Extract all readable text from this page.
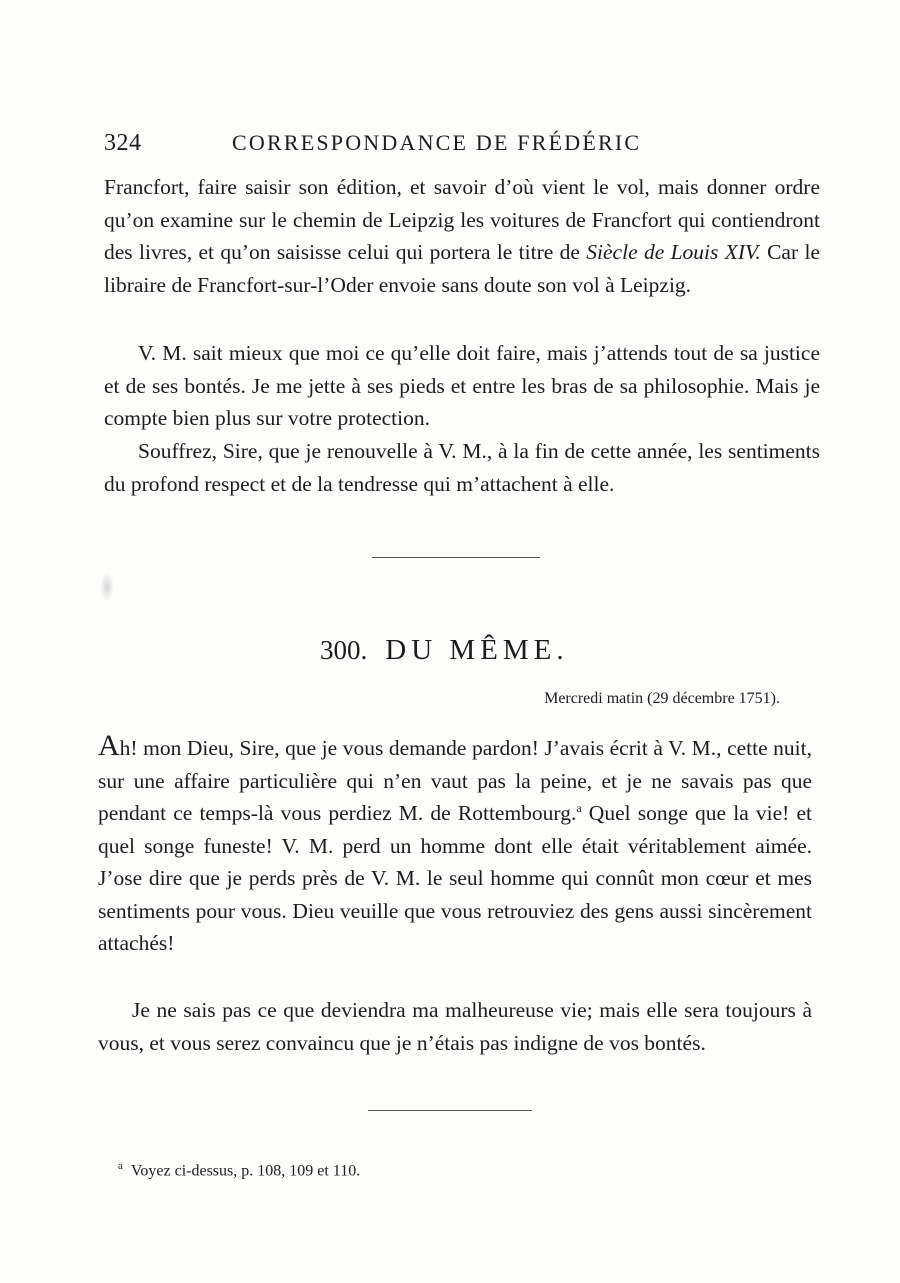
324	CORRESPONDANCE DE FRÉDÉRIC

Francfort, faire saisir son édition, et savoir d’où vient le vol, mais donner ordre qu’on examine sur le chemin de Leipzig les voitures de Francfort qui contiendront des livres, et qu’on saisisse celui qui portera le titre de Siècle de Louis XIV. Car le libraire de Francfort-sur-l’Oder envoie sans doute son vol à Leipzig.

V. M. sait mieux que moi ce qu’elle doit faire, mais j’attends tout de sa justice et de ses bontés. Je me jette à ses pieds et entre les bras de sa philosophie. Mais je compte bien plus sur votre protection.

Souffrez, Sire, que je renouvelle à V. M., à la fin de cette année, les sentiments du profond respect et de la tendresse qui m’attachent à elle.

300. DU MÊME.
Mercredi matin (29 décembre 1751).

Ah! mon Dieu, Sire, que je vous demande pardon! J’avais écrit à V. M., cette nuit, sur une affaire particulière qui n’en vaut pas la peine, et je ne savais pas que pendant ce temps-là vous perdiez M. de Rottembourg.$^a$ Quel songe que la vie! et quel songe funeste! V. M. perd un homme dont elle était véritablement aimée. J’ose dire que je perds près de V. M. le seul homme qui connût mon cœur et mes sentiments pour vous. Dieu veuille que vous retrouviez des gens aussi sincèrement attachés!

Je ne sais pas ce que deviendra ma malheureuse vie; mais elle sera toujours à vous, et vous serez convaincu que je n’étais pas indigne de vos bontés.

$^a$ Voyez ci-dessus, p. 108, 109 et 110.
